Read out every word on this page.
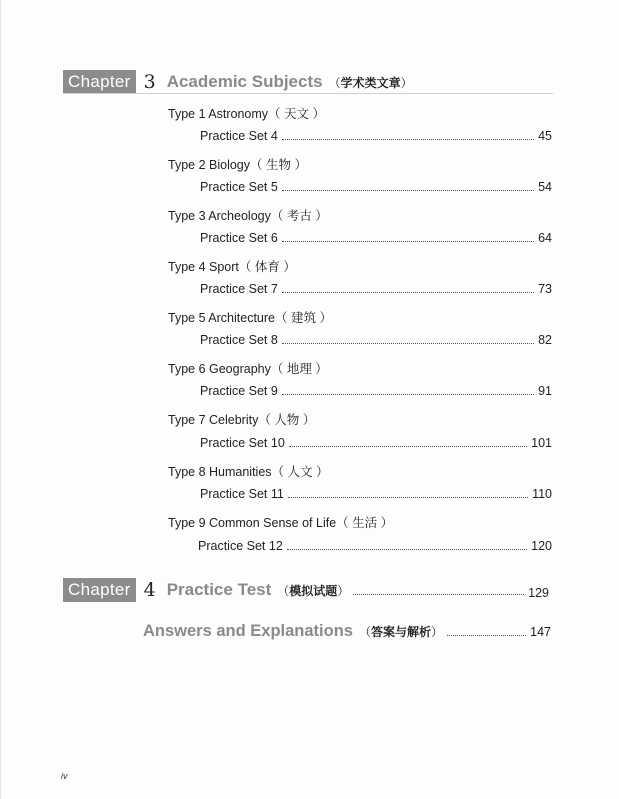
Chapter 3 Academic Subjects （学术类文章）
Type 1 Astronomy（ 天文 ）
Practice Set 4	45
Type 2 Biology（ 生物 ）
Practice Set 5	54
Type 3 Archeology（ 考古 ）
Practice Set 6	64
Type 4 Sport（ 体育 ）
Practice Set 7	73
Type 5 Architecture（ 建筑 ）
Practice Set 8	82
Type 6 Geography（ 地理 ）
Practice Set 9	91
Type 7 Celebrity（ 人物 ）
Practice Set 10	101
Type 8 Humanities（ 人文 ）
Practice Set 11	110
Type 9 Common Sense of Life（ 生活 ）
Practice Set 12	120
Chapter 4 Practice Test （模拟试题）	129
Answers and Explanations （答案与解析）	147
iv
